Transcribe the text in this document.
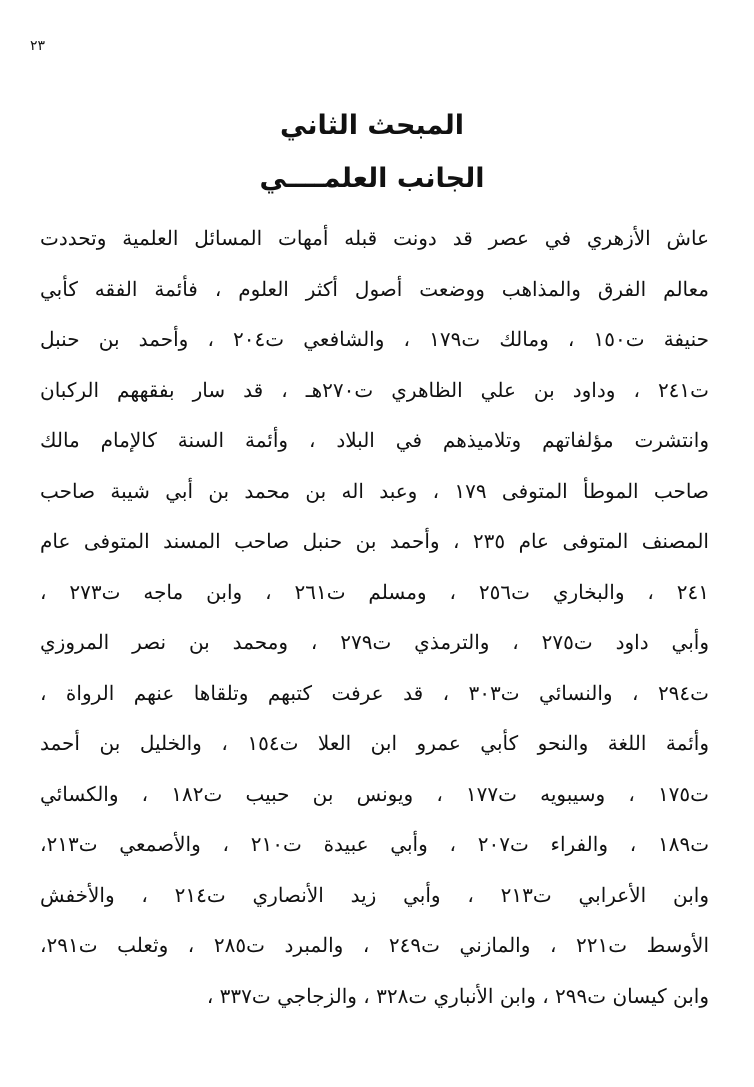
٢٣
المبحث الثاني
الجانب العلمــــي
عاش الأزهري في عصر قد دونت قبله أمهات المسائل العلمية وتحددت
معالم الفرق والمذاهب ووضعت أصول أكثر العلوم ، فأئمة الفقه كأبي
حنيفة ت١٥٠ ، ومالك ت١٧٩ ، والشافعي ت٢٠٤ ، وأحمد بن حنبل
ت٢٤١ ، وداود بن علي الظاهري ت٢٧٠هـ ، قد سار بفقههم الركبان
وانتشرت مؤلفاتهم وتلاميذهم في البلاد ، وأئمة السنة كالإمام مالك
صاحب الموطأ المتوفى ١٧٩ ، وعبد اله بن محمد بن أبي شيبة صاحب
المصنف المتوفى عام ٢٣٥ ، وأحمد بن حنبل صاحب المسند المتوفى عام
٢٤١ ، والبخاري ت٢٥٦ ، ومسلم ت٢٦١ ، وابن ماجه ت٢٧٣ ،
وأبي داود ت٢٧٥ ، والترمذي ت٢٧٩ ، ومحمد بن نصر المروزي
ت٢٩٤ ، والنسائي ت٣٠٣ ، قد عرفت كتبهم وتلقاها عنهم الرواة ،
وأئمة اللغة والنحو كأبي عمرو ابن العلا ت١٥٤ ، والخليل بن أحمد
ت١٧٥ ، وسيبويه ت١٧٧ ، ويونس بن حبيب ت١٨٢ ، والكسائي
ت١٨٩ ، والفراء ت٢٠٧ ، وأبي عبيدة ت٢١٠ ، والأصمعي ت٢١٣،
وابن الأعرابي ت٢١٣ ، وأبي زيد الأنصاري ت٢١٤ ، والأخفش
الأوسط ت٢٢١ ، والمازني ت٢٤٩ ، والمبرد ت٢٨٥ ، وثعلب ت٢٩١،
وابن كيسان ت٢٩٩ ، وابن الأنباري ت٣٢٨ ، والزجاجي ت٣٣٧ ،
